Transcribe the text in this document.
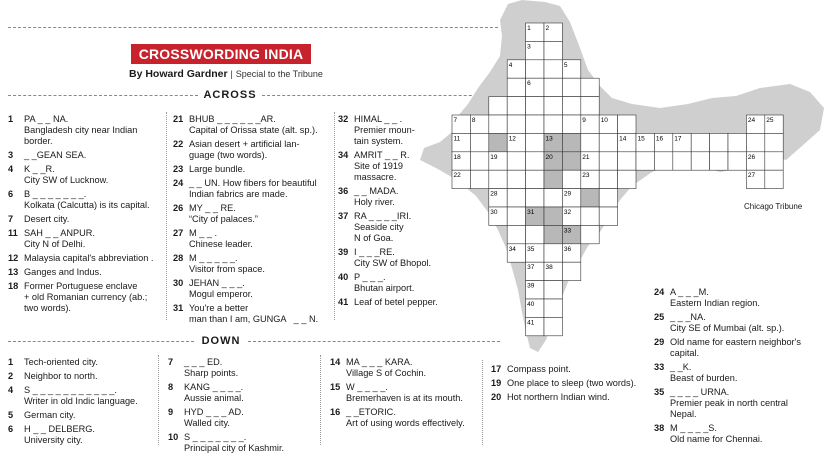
CROSSWORDING INDIA
By Howard Gardner | Special to the Tribune
ACROSS
1	PA _ _ NA.
Bangladesh city near Indian
border.
3	_ _GEAN SEA.
4	K _ _R.
City SW of Lucknow.
6	B _ _ _ _ _ _ _.
Kolkata (Calcutta) is its capital.
7	Desert city.
11 SAH _ _ ANPUR.
City N of Delhi.
12 Malaysia capital's abbreviation .
13 Ganges and Indus.
18 Former Portuguese enclave
+ old Romanian currency (ab.;
two words).
21 BHUB _ _ _ _ _ _AR.
Capital of Orissa state (alt. sp.).
22 Asian desert + artificial lan-
guage (two words).
23 Large bundle.
24 _ _ UN. How fibers for beautiful
Indian fabrics are made.
26 MY _ _ RE.
“City of palaces.”
27 M _ _ .
Chinese leader.
28 M _ _ _ _ _.
Visitor from space.
30 JEHAN _ _ _.
Mogul emperor.
31 You're a better
man than I am, GUNGA   _ _ N.
32 HIMAL _ _ .
Premier moun-
tain system.
34 AMRIT _ _ R.
Site of 1919
massacre.
36 _ _ MADA.
Holy river.
37 RA _ _ _ _IRI.
Seaside city
N of Goa.
39 I _ _ _RE.
City SW of Bhopol.
40 P _ _ _.
Bhutan airport.
41 Leaf of betel pepper.
DOWN
1	Tech-oriented city.
2	Neighbor to north.
4	S _ _ _ _ _ _ _ _ _ _ _.
Writer in old Indic language.
5	German city.
6	H _ _ DELBERG.
University city.
7	_ _ _ ED.
Sharp points.
8	KANG _ _ _ _.
Aussie animal.
9	HYD _ _ _ AD.
Walled city.
10 S _ _ _ _ _ _ _.
Principal city of Kashmir.
14 MA _ _ _ KARA.
Village S of Cochin.
15 W _ _ _ _.
Bremerhaven is at its mouth.
16 _ _ETORIC.
Art of using words effectively.
17 Compass point.
19 One place to sleep (two words).
20 Hot northern Indian wind.
24 A _ _ _M.
Eastern Indian region.
25 _ _ _NA.
City SE of Mumbai (alt. sp.).
29 Old name for eastern neighbor's
capital.
33 _ _K.
Beast of burden.
35 _ _ _ _ URNA.
Premier peak in north central
Nepal.
38 M _ _ _ _S.
Old name for Chennai.
1 2
3
4	5
6
7 8	9 10	24 25
11	12	13	14 15 16 17
18	19	20	21	26
22	23	27
28	29
30	31	32
33
34 35	36
37 38
39
40
41
Chicago Tribune
